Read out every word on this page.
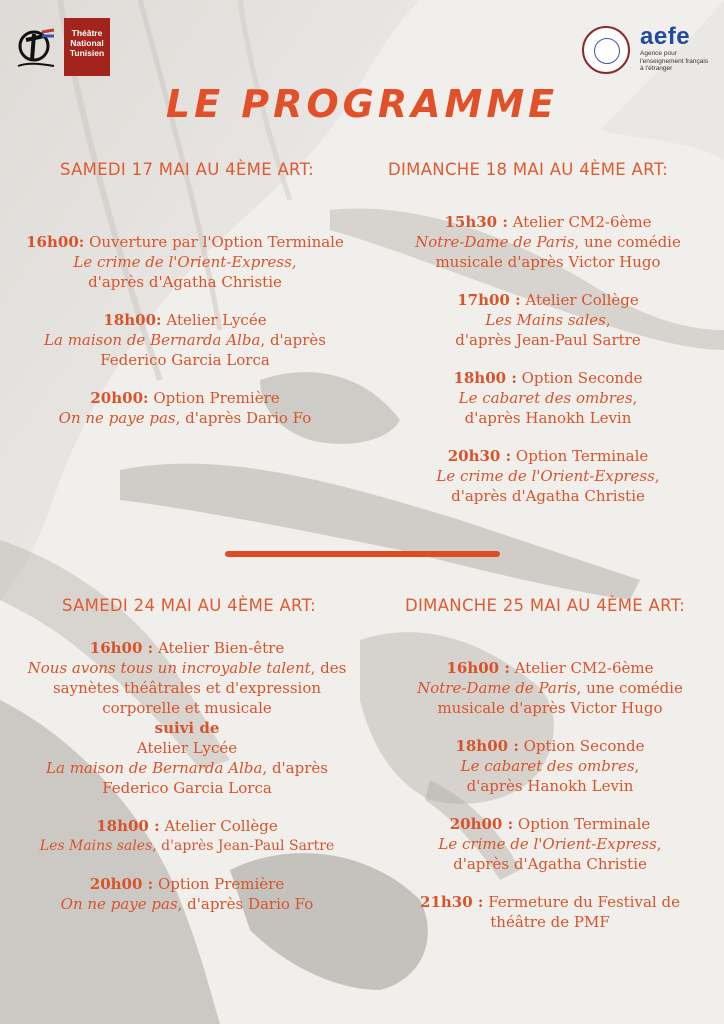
Théâtre
National
Tunisien
aefe
Agence pour
l'enseignement français
à l'étranger
LE PROGRAMME
SAMEDI 17 MAI AU 4ÈME ART:
16h00: Ouverture par l'Option Terminale
Le crime de l'Orient-Express,
d'après d'Agatha Christie
18h00: Atelier Lycée
La maison de Bernarda Alba, d'après
Federico Garcia Lorca
20h00: Option Première
On ne paye pas, d'après Dario Fo
DIMANCHE 18 MAI AU 4ÈME ART:
15h30 : Atelier CM2-6ème
Notre-Dame de Paris, une comédie
musicale d'après Victor Hugo
17h00 : Atelier Collège
Les Mains sales,
d'après Jean-Paul Sartre
18h00 : Option Seconde
Le cabaret des ombres,
d'après Hanokh Levin
20h30 : Option Terminale
Le crime de l'Orient-Express,
d'après d'Agatha Christie
SAMEDI 24 MAI AU 4ÈME ART:
16h00 : Atelier Bien-être
Nous avons tous un incroyable talent, des
saynètes théâtrales et d'expression
corporelle et musicale
suivi de
Atelier Lycée
La maison de Bernarda Alba, d'après
Federico Garcia Lorca
18h00 : Atelier Collège
Les Mains sales, d'après Jean-Paul Sartre
20h00 : Option Première
On ne paye pas, d'après Dario Fo
DIMANCHE 25 MAI AU 4ÈME ART:
16h00 : Atelier CM2-6ème
Notre-Dame de Paris, une comédie
musicale d'après Victor Hugo
18h00 : Option Seconde
Le cabaret des ombres,
d'après Hanokh Levin
20h00 : Option Terminale
Le crime de l'Orient-Express,
d'après d'Agatha Christie
21h30 : Fermeture du Festival de
théâtre de PMF
